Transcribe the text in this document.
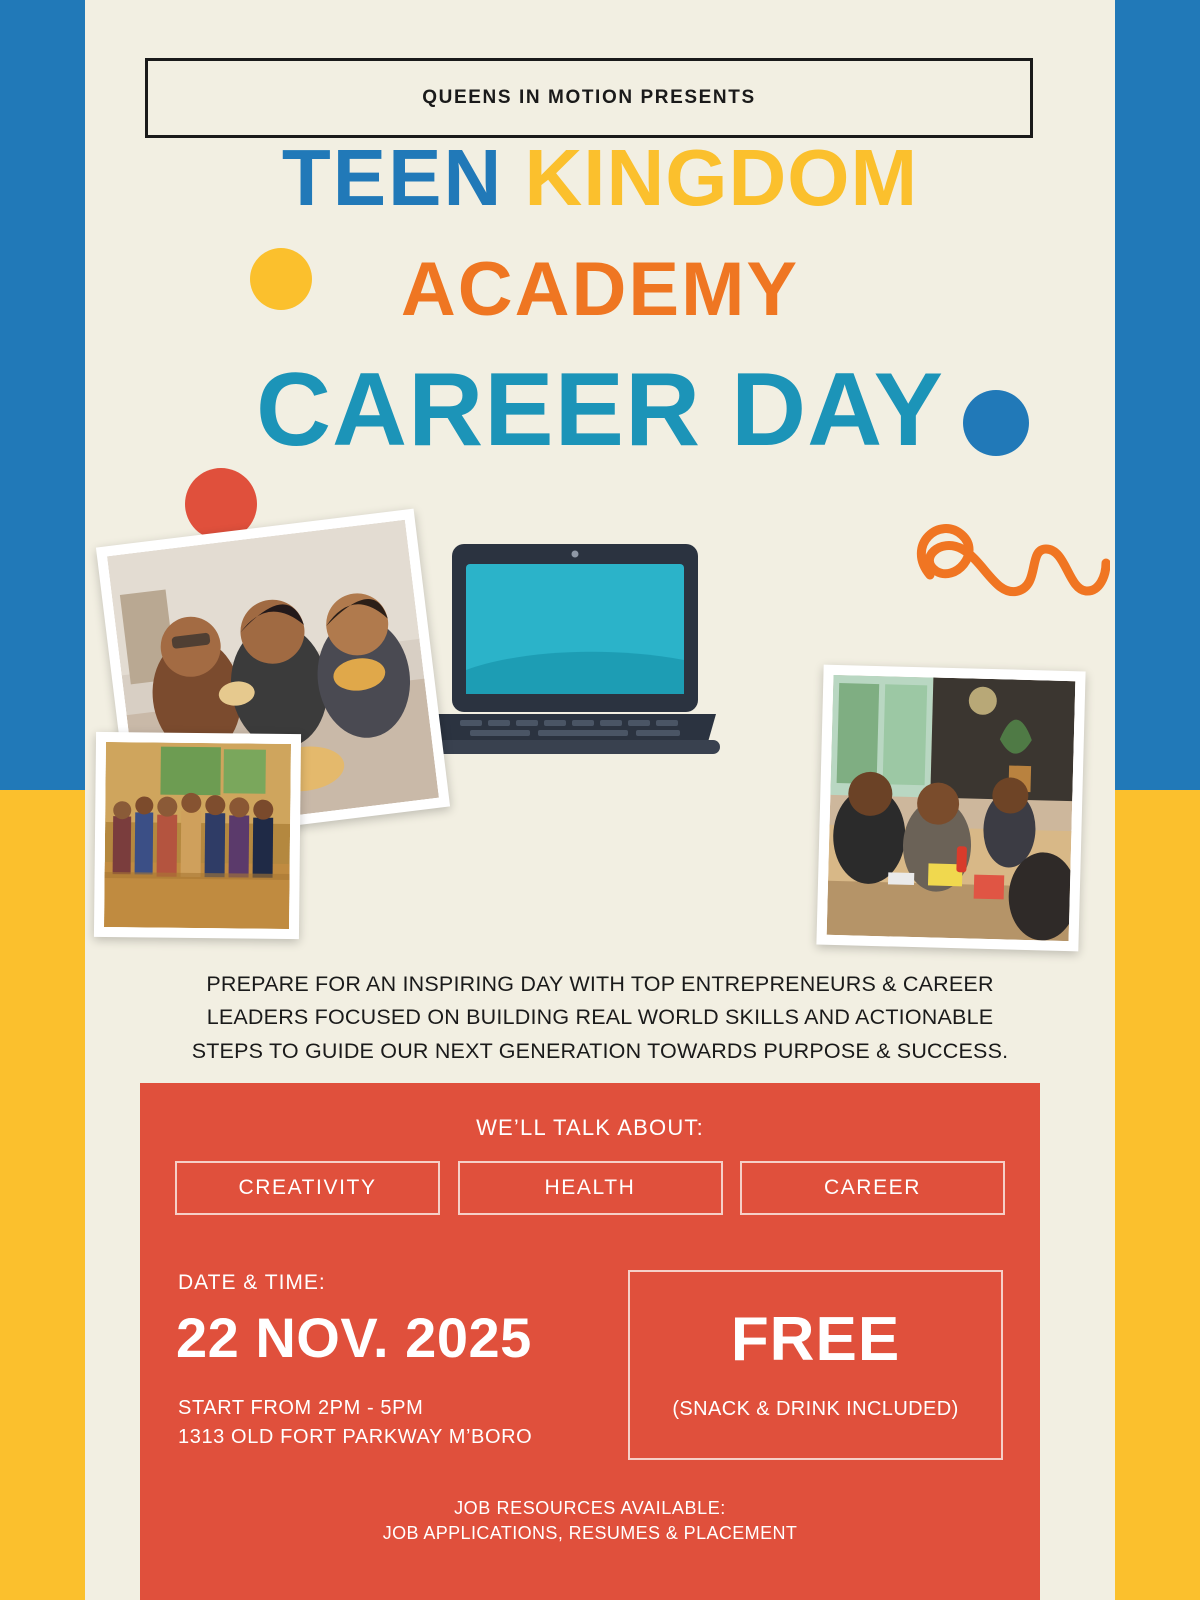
QUEENS IN MOTION PRESENTS
TEEN KINGDOM
ACADEMY
CAREER DAY
PREPARE FOR AN INSPIRING DAY WITH TOP ENTREPRENEURS & CAREER
LEADERS FOCUSED ON BUILDING REAL WORLD SKILLS AND ACTIONABLE
STEPS TO GUIDE OUR NEXT GENERATION TOWARDS PURPOSE & SUCCESS.
WE’LL TALK ABOUT:
CREATIVITY	HEALTH	CAREER
DATE & TIME:
22 NOV. 2025
START FROM 2PM - 5PM
1313 OLD FORT PARKWAY M’BORO
FREE
(SNACK & DRINK INCLUDED)
JOB RESOURCES AVAILABLE:
JOB APPLICATIONS, RESUMES & PLACEMENT
